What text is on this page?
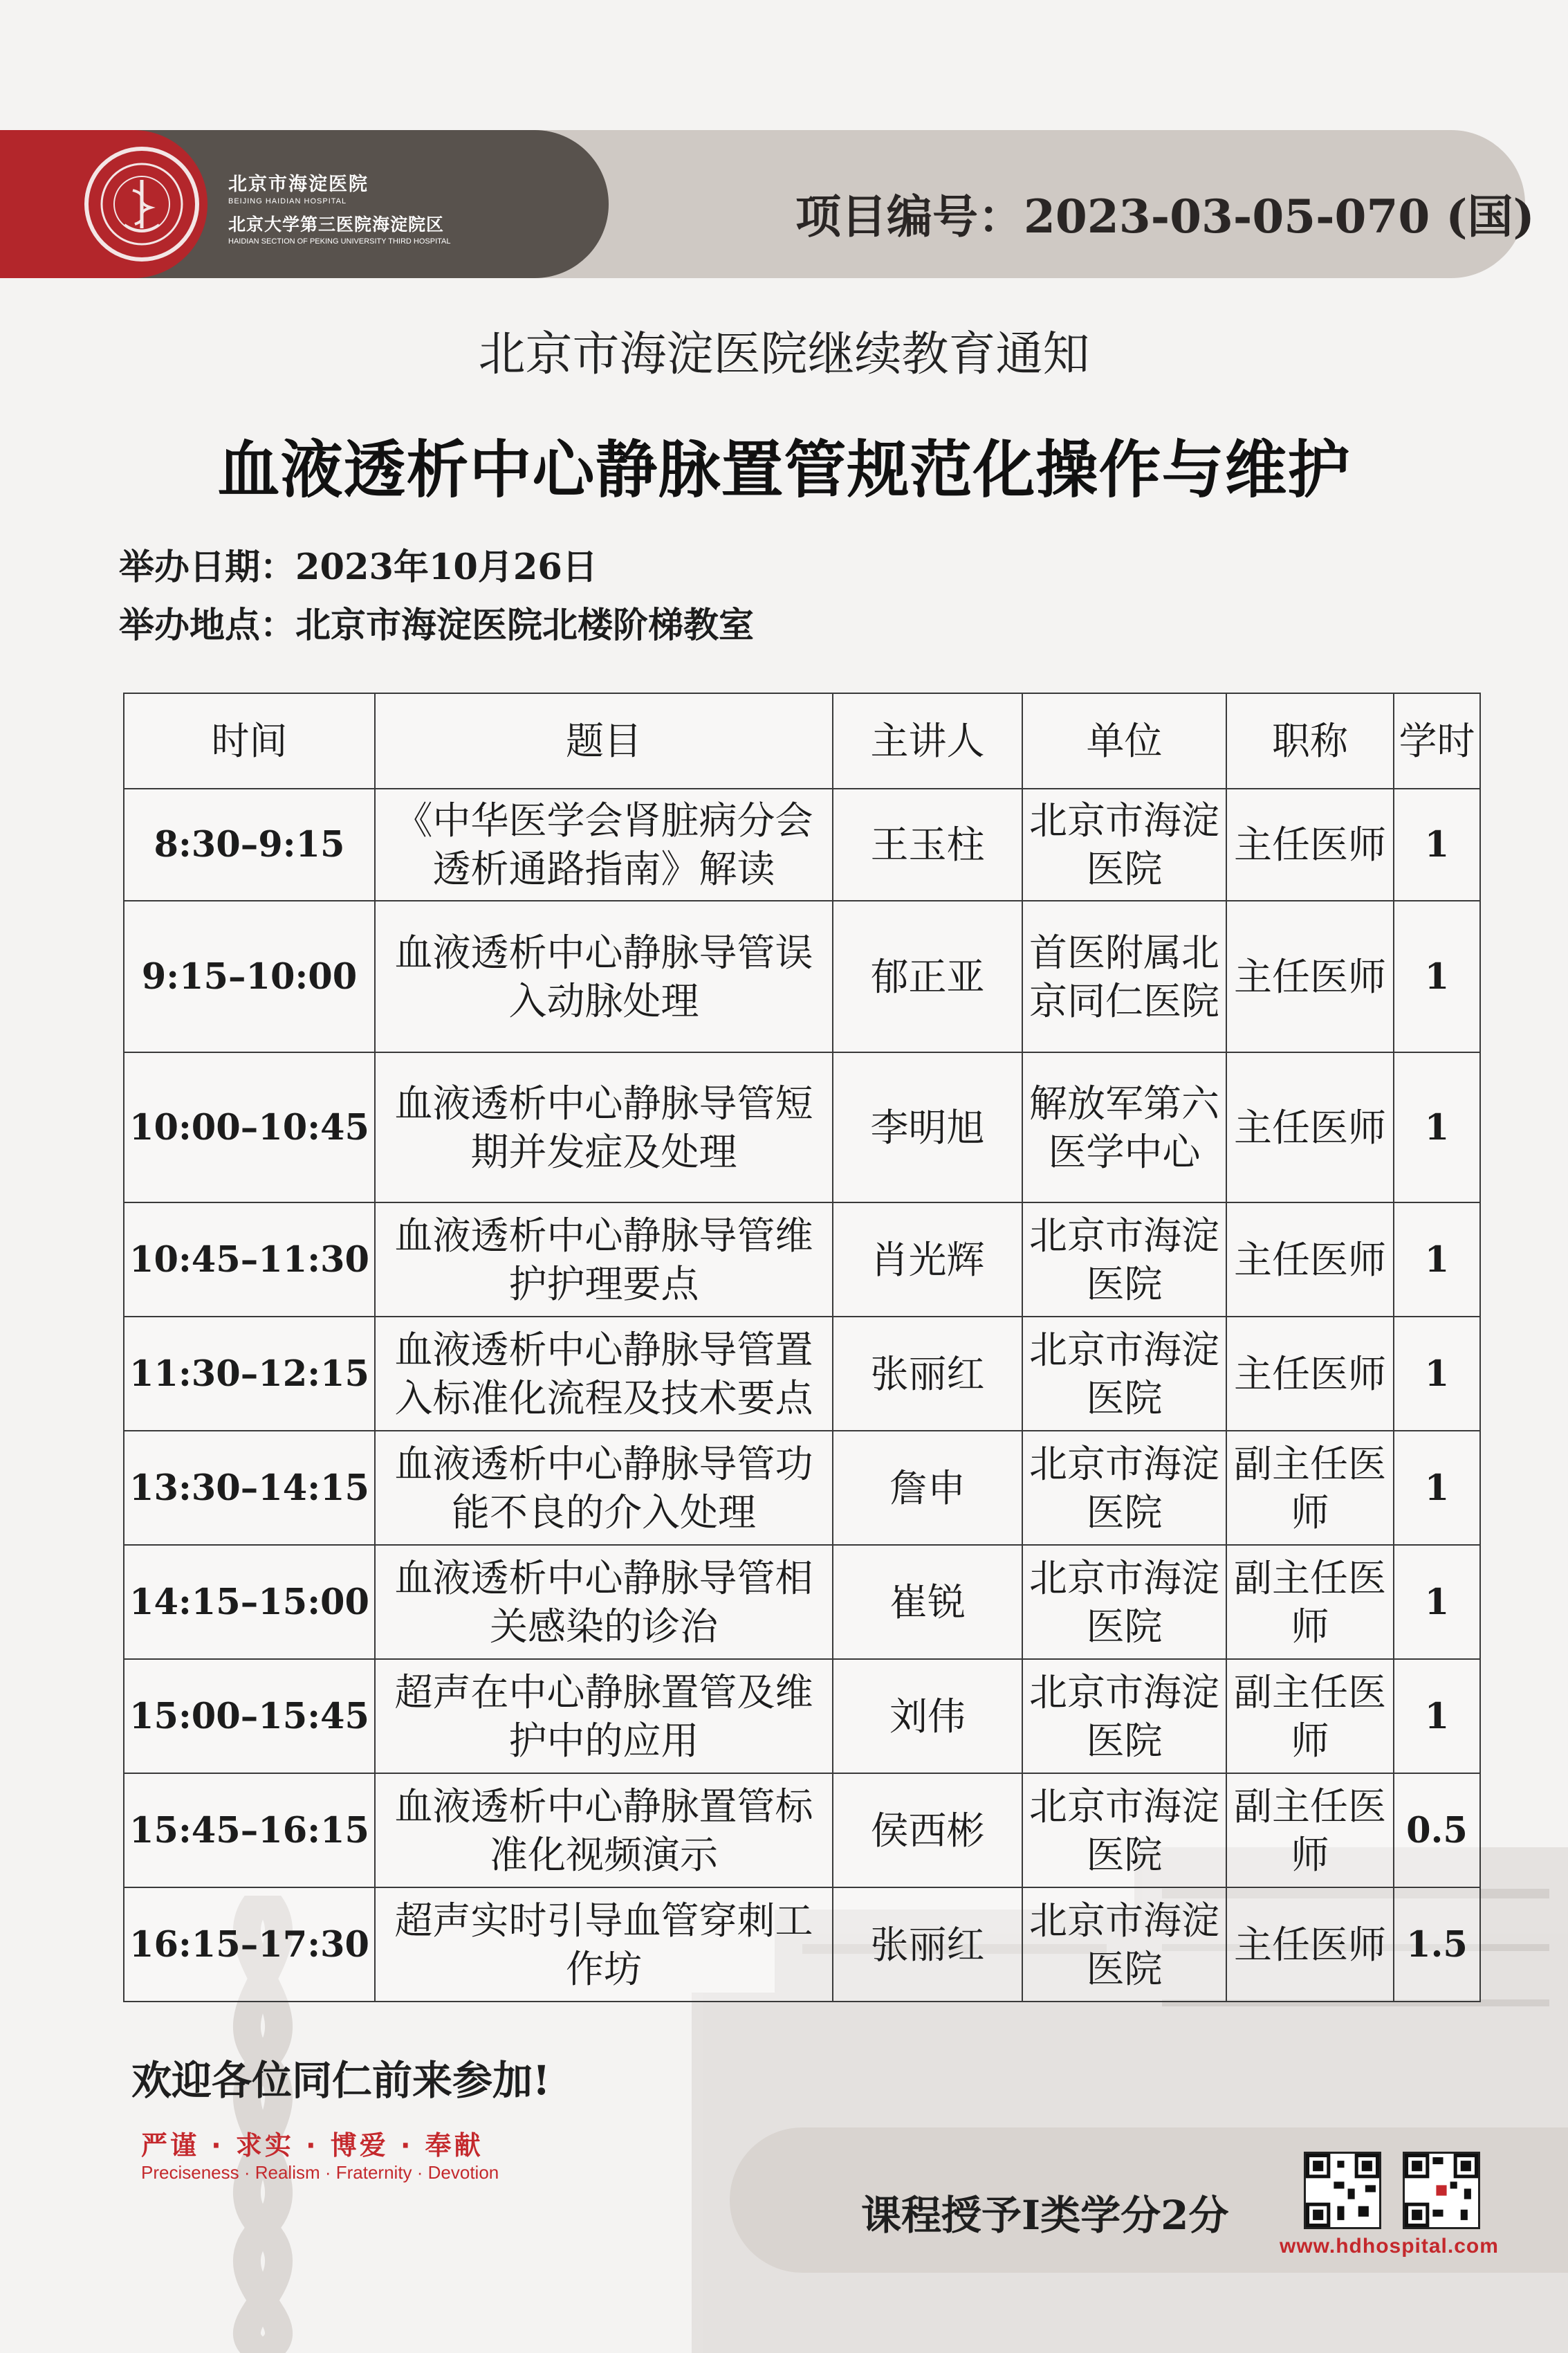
北京市海淀医院
BEIJING HAIDIAN HOSPITAL
北京大学第三医院海淀院区
HAIDIAN SECTION OF PEKING UNIVERSITY THIRD HOSPITAL	项目编号：2023-03-05-070 (国)
北京市海淀医院继续教育通知
血液透析中心静脉置管规范化操作与维护
举办日期：2023年10月26日
举办地点：北京市海淀医院北楼阶梯教室
时间	题目	主讲人	单位	职称	学时
8:30–9:15	《中华医学会肾脏病分会透析通路指南》解读	王玉柱	北京市海淀医院	主任医师	1
9:15–10:00	血液透析中心静脉导管误入动脉处理	郁正亚	首医附属北京同仁医院	主任医师	1
10:00–10:45	血液透析中心静脉导管短期并发症及处理	李明旭	解放军第六医学中心	主任医师	1
10:45–11:30	血液透析中心静脉导管维护护理要点	肖光辉	北京市海淀医院	主任医师	1
11:30–12:15	血液透析中心静脉导管置入标准化流程及技术要点	张丽红	北京市海淀医院	主任医师	1
13:30–14:15	血液透析中心静脉导管功能不良的介入处理	詹申	北京市海淀医院	副主任医师	1
14:15–15:00	血液透析中心静脉导管相关感染的诊治	崔锐	北京市海淀医院	副主任医师	1
15:00–15:45	超声在中心静脉置管及维护中的应用	刘伟	北京市海淀医院	副主任医师	1
15:45–16:15	血液透析中心静脉置管标准化视频演示	侯西彬	北京市海淀医院	副主任医师	0.5
16:15–17:30	超声实时引导血管穿刺工作坊	张丽红	北京市海淀医院	主任医师	1.5
欢迎各位同仁前来参加!
严谨 · 求实 · 博爱 · 奉献
Preciseness · Realism · Fraternity · Devotion
课程授予I类学分2分
www.hdhospital.com
